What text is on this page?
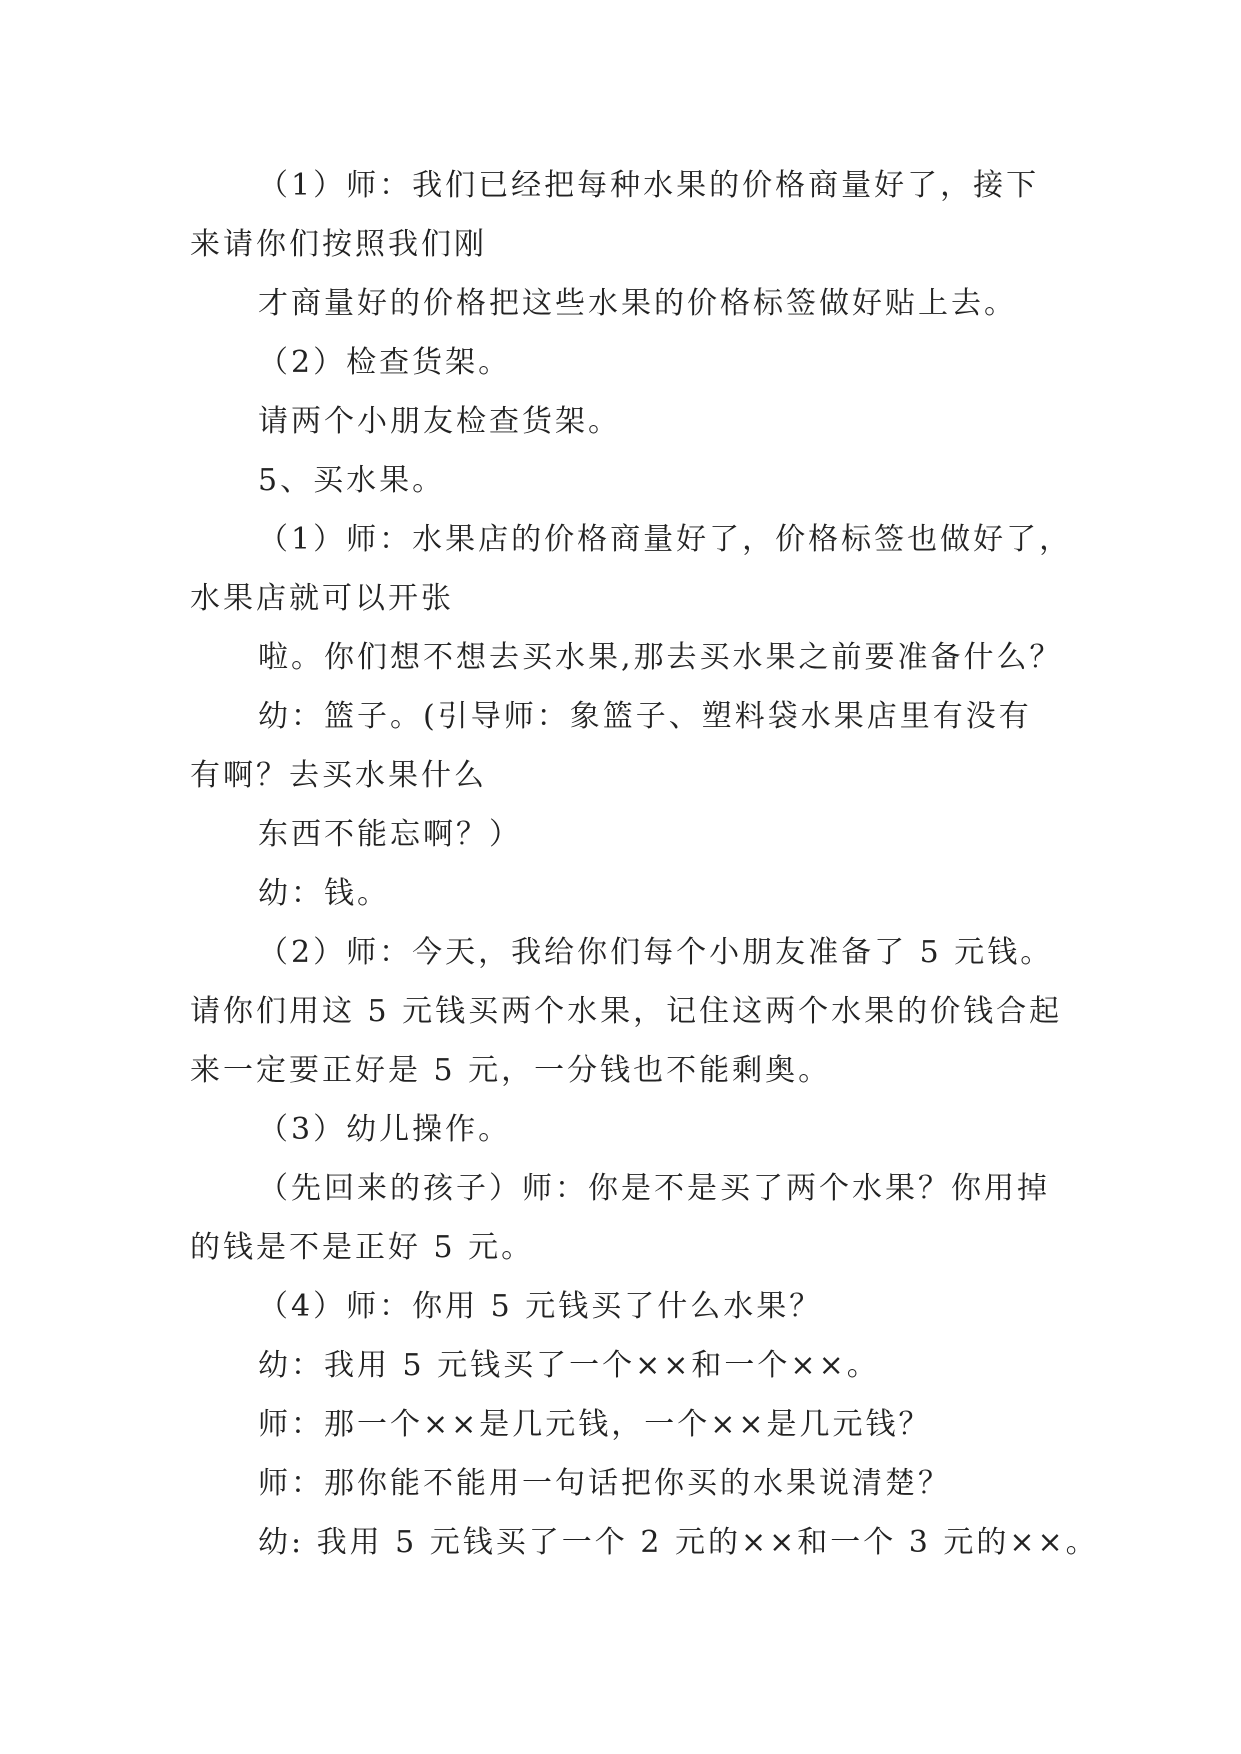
（1）师：我们已经把每种水果的价格商量好了，接下
来请你们按照我们刚
才商量好的价格把这些水果的价格标签做好贴上去。
（2）检查货架。
请两个小朋友检查货架。
5、买水果。
（1）师：水果店的价格商量好了，价格标签也做好了，
水果店就可以开张
啦。你们想不想去买水果,那去买水果之前要准备什么？
幼：篮子。(引导师：象篮子、塑料袋水果店里有没有
有啊？去买水果什么
东西不能忘啊？）
幼：钱。
（2）师：今天，我给你们每个小朋友准备了 5 元钱。
请你们用这 5 元钱买两个水果，记住这两个水果的价钱合起
来一定要正好是 5 元，一分钱也不能剩奥。
（3）幼儿操作。
（先回来的孩子）师：你是不是买了两个水果？你用掉
的钱是不是正好 5 元。
（4）师：你用 5 元钱买了什么水果？
幼：我用 5 元钱买了一个××和一个××。
师：那一个××是几元钱，一个××是几元钱？
师：那你能不能用一句话把你买的水果说清楚？
幼: 我用 5 元钱买了一个 2 元的××和一个 3 元的××。
